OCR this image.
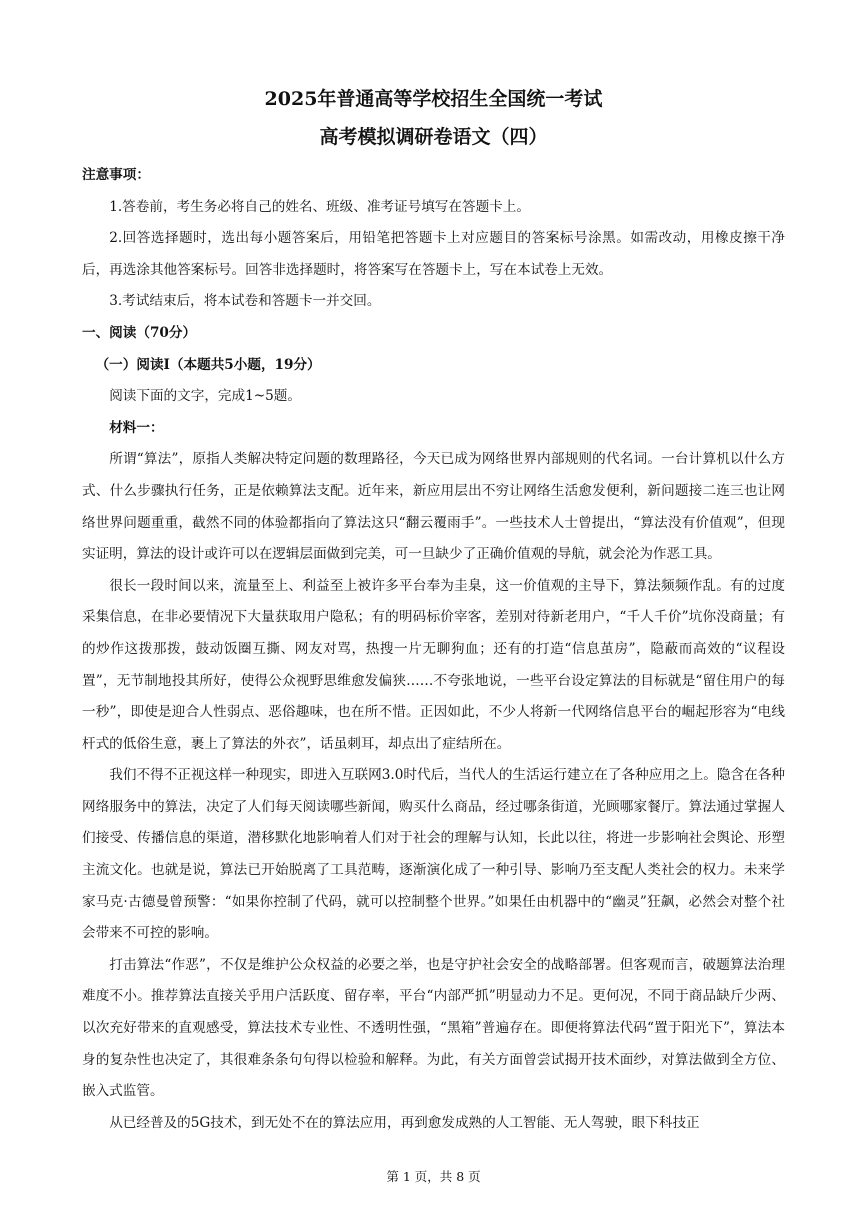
2025年普通高等学校招生全国统一考试
高考模拟调研卷语文（四）

注意事项：

1.答卷前，考生务必将自己的姓名、班级、准考证号填写在答题卡上。

2.回答选择题时，选出每小题答案后，用铅笔把答题卡上对应题目的答案标号涂黑。如需改动，用橡皮擦干净后，再选涂其他答案标号。回答非选择题时，将答案写在答题卡上，写在本试卷上无效。

3.考试结束后，将本试卷和答题卡一并交回。

一、阅读（70分）

（一）阅读Ⅰ（本题共5小题，19分）

阅读下面的文字，完成1~5题。

材料一：

所谓“算法”，原指人类解决特定问题的数理路径，今天已成为网络世界内部规则的代名词。一台计算机以什么方式、什么步骤执行任务，正是依赖算法支配。近年来，新应用层出不穷让网络生活愈发便利，新问题接二连三也让网络世界问题重重，截然不同的体验都指向了算法这只“翻云覆雨手”。一些技术人士曾提出，“算法没有价值观”，但现实证明，算法的设计或许可以在逻辑层面做到完美，可一旦缺少了正确价值观的导航，就会沦为作恶工具。

很长一段时间以来，流量至上、利益至上被许多平台奉为圭臬，这一价值观的主导下，算法频频作乱。有的过度采集信息，在非必要情况下大量获取用户隐私；有的明码标价宰客，差别对待新老用户，“千人千价”坑你没商量；有的炒作这拨那拨，鼓动饭圈互撕、网友对骂，热搜一片无聊狗血；还有的打造“信息茧房”，隐蔽而高效的“议程设置”，无节制地投其所好，使得公众视野思维愈发偏狭……不夸张地说，一些平台设定算法的目标就是“留住用户的每一秒”，即使是迎合人性弱点、恶俗趣味，也在所不惜。正因如此，不少人将新一代网络信息平台的崛起形容为“电线杆式的低俗生意，裹上了算法的外衣”，话虽刺耳，却点出了症结所在。

我们不得不正视这样一种现实，即进入互联网3.0时代后，当代人的生活运行建立在了各种应用之上。隐含在各种网络服务中的算法，决定了人们每天阅读哪些新闻，购买什么商品，经过哪条街道，光顾哪家餐厅。算法通过掌握人们接受、传播信息的渠道，潜移默化地影响着人们对于社会的理解与认知，长此以往，将进一步影响社会舆论、形塑主流文化。也就是说，算法已开始脱离了工具范畴，逐渐演化成了一种引导、影响乃至支配人类社会的权力。未来学家马克·古德曼曾预警：“如果你控制了代码，就可以控制整个世界。”如果任由机器中的“幽灵”狂飙，必然会对整个社会带来不可控的影响。

打击算法“作恶”，不仅是维护公众权益的必要之举，也是守护社会安全的战略部署。但客观而言，破题算法治理难度不小。推荐算法直接关乎用户活跃度、留存率，平台“内部严抓”明显动力不足。更何况，不同于商品缺斤少两、以次充好带来的直观感受，算法技术专业性、不透明性强，“黑箱”普遍存在。即便将算法代码“置于阳光下”，算法本身的复杂性也决定了，其很难条条句句得以检验和解释。为此，有关方面曾尝试揭开技术面纱，对算法做到全方位、嵌入式监管。

从已经普及的5G技术，到无处不在的算法应用，再到愈发成熟的人工智能、无人驾驶，眼下科技正

第 1 页，共 8 页
